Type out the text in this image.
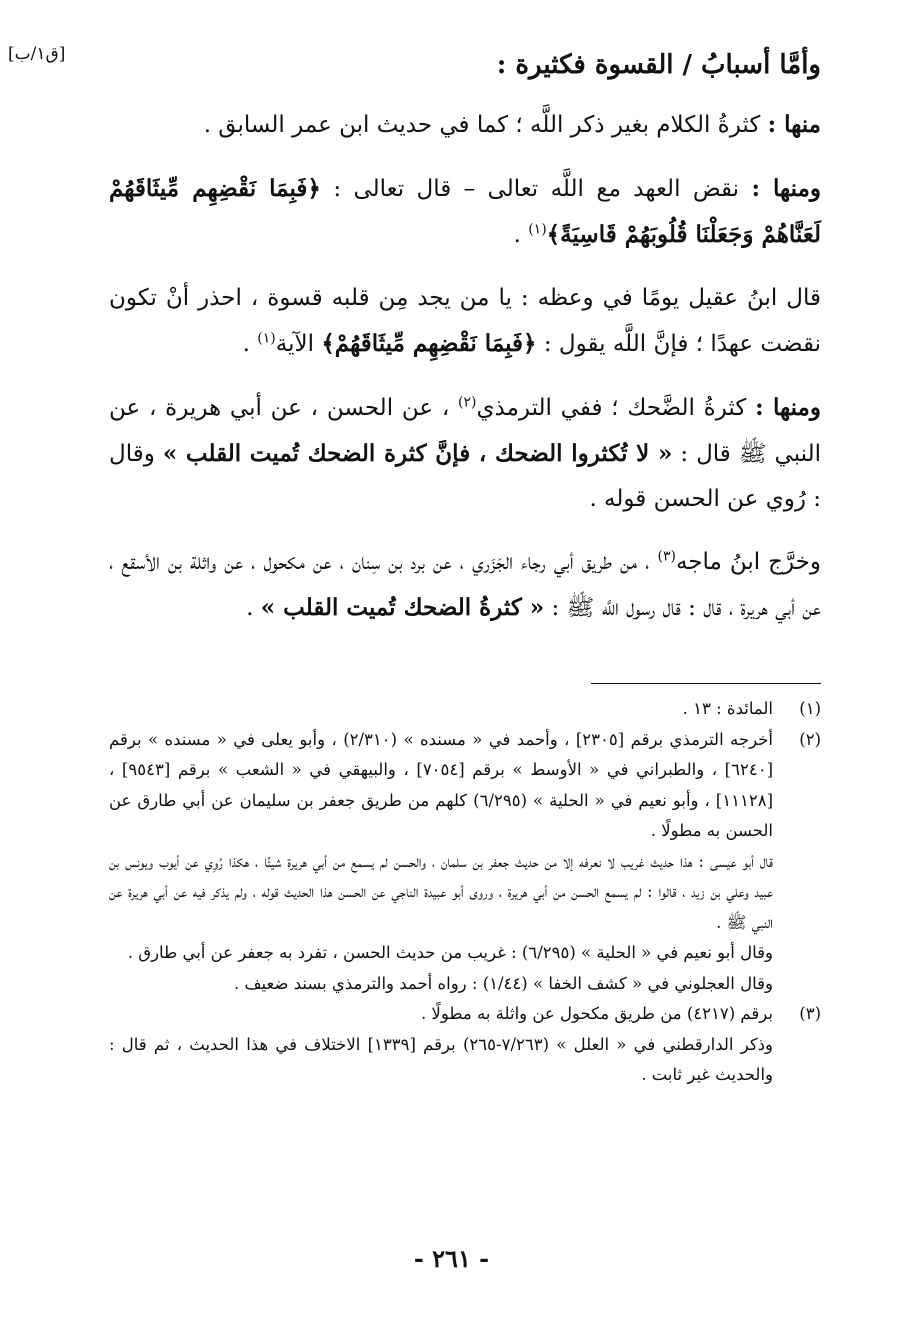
[ق١/ب]	وأمَّا أسبابُ / القسوة فكثيرة :

منها : كثرةُ الكلام بغير ذكر اللَّه ؛ كما في حديث ابن عمر السابق .

ومنها : نقض العهد مع اللَّه تعالى – قال تعالى : ﴿فَبِمَا نَقْضِهِم مِّيثَاقَهُمْ لَعَنَّاهُمْ وَجَعَلْنَا قُلُوبَهُمْ قَاسِيَةً﴾$^{(١)}$ .

قال ابنُ عقيل يومًا في وعظه : يا من يجد مِن قلبه قسوة ، احذر أنْ تكون نقضت عهدًا ؛ فإنَّ اللَّه يقول : ﴿فَبِمَا نَقْضِهِم مِّيثَاقَهُمْ﴾ الآية$^{(١)}$ .

ومنها : كثرةُ الضَّحك ؛ ففي الترمذي$^{(٢)}$ ، عن الحسن ، عن أبي هريرة ، عن النبي ﷺ قال : « لا تُكثروا الضحك ، فإنَّ كثرة الضحك تُميت القلب » وقال : رُوي عن الحسن قوله .

وخرَّج ابنُ ماجه$^{(٣)}$ ، من طريق أبي رجاء الجَزَري ، عن برد بن سِنان ، عن مكحول ، عن واثلة بن الأسقع ، عن أبي هريرة ، قال : قال رسول اللَّه ﷺ : « كثرةُ الضحك تُميت القلب » .

(١)
المائدة : ١٣ .
(٢)
أخرجه الترمذي برقم [٢٣٠٥] ، وأحمد في « مسنده » (٢/٣١٠) ، وأبو يعلى في « مسنده » برقم [٦٢٤٠] ، والطبراني في « الأوسط » برقم [٧٠٥٤] ، والبيهقي في « الشعب » برقم [٩٥٤٣] ، [١١١٢٨] ، وأبو نعيم في « الحلية » (٦/٢٩٥) كلهم من طريق جعفر بن سليمان عن أبي طارق عن الحسن به مطولًا .
قال أبو عيسى : هذا حديث غريب لا نعرفه إلا من حديث جعفر بن سلمان ، والحسن لم يسمع من أبي هريرة شيئًا ، هكذا رُوِي عن أيوب ويونس بن عبيد وعلي بن زيد ، قالوا : لم يسمع الحسن من أبي هريرة ، وروى أبو عبيدة الناجي عن الحسن هذا الحديث قوله ، ولم يذكر فيه عن أبي هريرة عن النبي ﷺ .
وقال أبو نعيم في « الحلية » (٦/٢٩٥) : غريب من حديث الحسن ، تفرد به جعفر عن أبي طارق .
وقال العجلوني في « كشف الخفا » (١/٤٤) : رواه أحمد والترمذي بسند ضعيف .
(٣)
برقم (٤٢١٧) من طريق مكحول عن واثلة به مطولًا .
وذكر الدارقطني في « العلل » (٧/٢٦٣-٢٦٥) برقم [١٣٣٩] الاختلاف في هذا الحديث ، ثم قال : والحديث غير ثابت .
- ٢٦١ -
